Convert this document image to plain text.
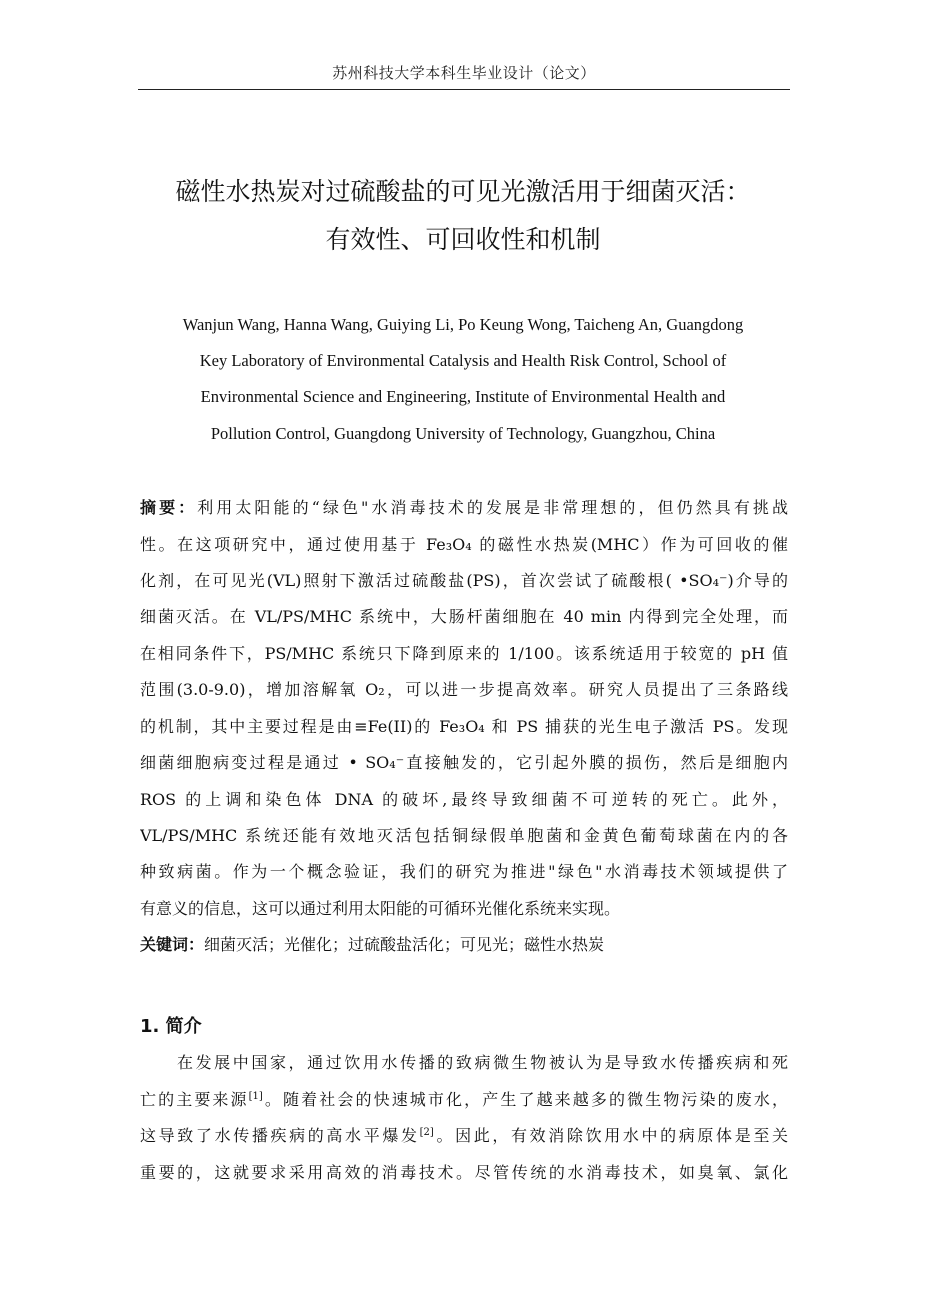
苏州科技大学本科生毕业设计（论文）
磁性水热炭对过硫酸盐的可见光激活用于细菌灭活：
有效性、可回收性和机制
Wanjun Wang, Hanna Wang, Guiying Li, Po Keung Wong, Taicheng An, Guangdong
Key Laboratory of Environmental Catalysis and Health Risk Control, School of
Environmental Science and Engineering, Institute of Environmental Health and
Pollution Control, Guangdong University of Technology, Guangzhou, China
摘要：利用太阳能的“绿色"水消毒技术的发展是非常理想的，但仍然具有挑战
性。在这项研究中，通过使用基于 Fe₃O₄ 的磁性水热炭(MHC）作为可回收的催
化剂，在可见光(VL)照射下激活过硫酸盐(PS)，首次尝试了硫酸根( •SO₄⁻)介导的
细菌灭活。在 VL/PS/MHC 系统中，大肠杆菌细胞在 40 min 内得到完全处理，而
在相同条件下，PS/MHC 系统只下降到原来的 1/100。该系统适用于较宽的 pH 值
范围(3.0-9.0)，增加溶解氧 O₂，可以进一步提高效率。研究人员提出了三条路线
的机制，其中主要过程是由≡Fe(II)的 Fe₃O₄ 和 PS 捕获的光生电子激活 PS。发现
细菌细胞病变过程是通过 • SO₄⁻直接触发的，它引起外膜的损伤，然后是细胞内
ROS 的上调和染色体 DNA 的破坏,最终导致细菌不可逆转的死亡。此外，
VL/PS/MHC 系统还能有效地灭活包括铜绿假单胞菌和金黄色葡萄球菌在内的各
种致病菌。作为一个概念验证，我们的研究为推进"绿色"水消毒技术领域提供了
有意义的信息，这可以通过利用太阳能的可循环光催化系统来实现。
关键词：细菌灭活；光催化；过硫酸盐活化；可见光；磁性水热炭
1. 简介
在发展中国家，通过饮用水传播的致病微生物被认为是导致水传播疾病和死
亡的主要来源[1]。随着社会的快速城市化，产生了越来越多的微生物污染的废水，
这导致了水传播疾病的高水平爆发[2]。因此，有效消除饮用水中的病原体是至关
重要的，这就要求采用高效的消毒技术。尽管传统的水消毒技术，如臭氧、氯化
